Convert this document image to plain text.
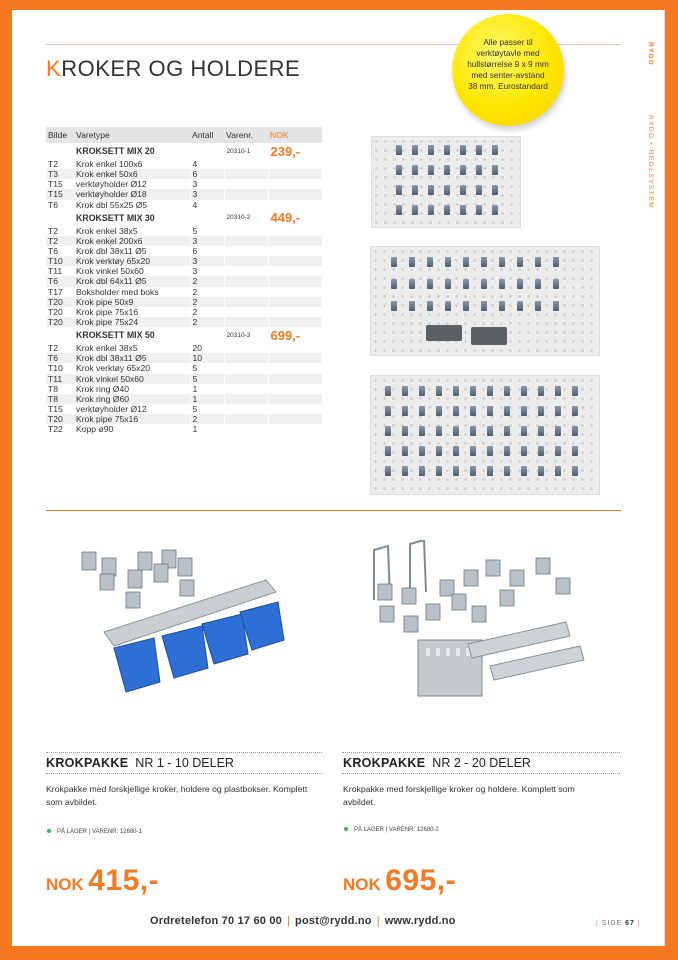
KROKER OG HOLDERE
Alle passer til verktøytavle med hullstørrelse 9 x 9 mm med senter-avstand 38 mm. Eurostandard
RYDD
RYDD • REOLSYSTEM
Bilde	Varetype	Antall	Varenr.	NOK
	KROKSETT MIX 20		20310-1	239,-
T2	Krok enkel 100x6	4		
T3	Krok enkel 50x6	6		
T15	verktøyholder Ø12	3		
T15	verktøyholder Ø18	3		
T6	Krok dbl 55x25 Ø5	4		
	KROKSETT MIX 30		20310-2	449,-
T2	Krok enkel 38x5	5		
T2	Krok enkel 200x6	3		
T6	Krok dbl 38x11 Ø5	6		
T10	Krok verktøy 65x20	3		
T11	Krok vinkel 50x60	3		
T6	Krok dbl 64x11 Ø5	2		
T17	Boksholder med boks	2		
T20	Krok pipe 50x9	2		
T20	Krok pipe 75x16	2		
T20	Krok pipe 75x24	2		
	KROKSETT MIX 50		20310-3	699,-
T2	Krok enkel 38x5	20		
T6	Krok dbl 38x11 Ø5	10		
T10	Krok verktøy 65x20	5		
T11	Krok vinkel 50x60	5		
T8	Krok ring Ø40	1		
T8	Krok ring Ø60	1		
T15	verktøyholder Ø12	5		
T20	Krok pipe 75x16	2		
T22	Kopp ø90	1		
KROKPAKKE NR 1 - 10 DELER
Krokpakke med forskjellige kroker, holdere og plastbokser. Komplett som avbildet.
PÅ LAGER | VARENR: 12680-1
NOK 415,-
KROKPAKKE NR 2 - 20 DELER
Krokpakke med forskjellige kroker og holdere. Komplett som avbildet.
PÅ LAGER | VARENR: 12680-2
NOK 695,-
Ordretelefon 70 17 60 00 | post@rydd.no | www.rydd.no	| SIDE 67 |
